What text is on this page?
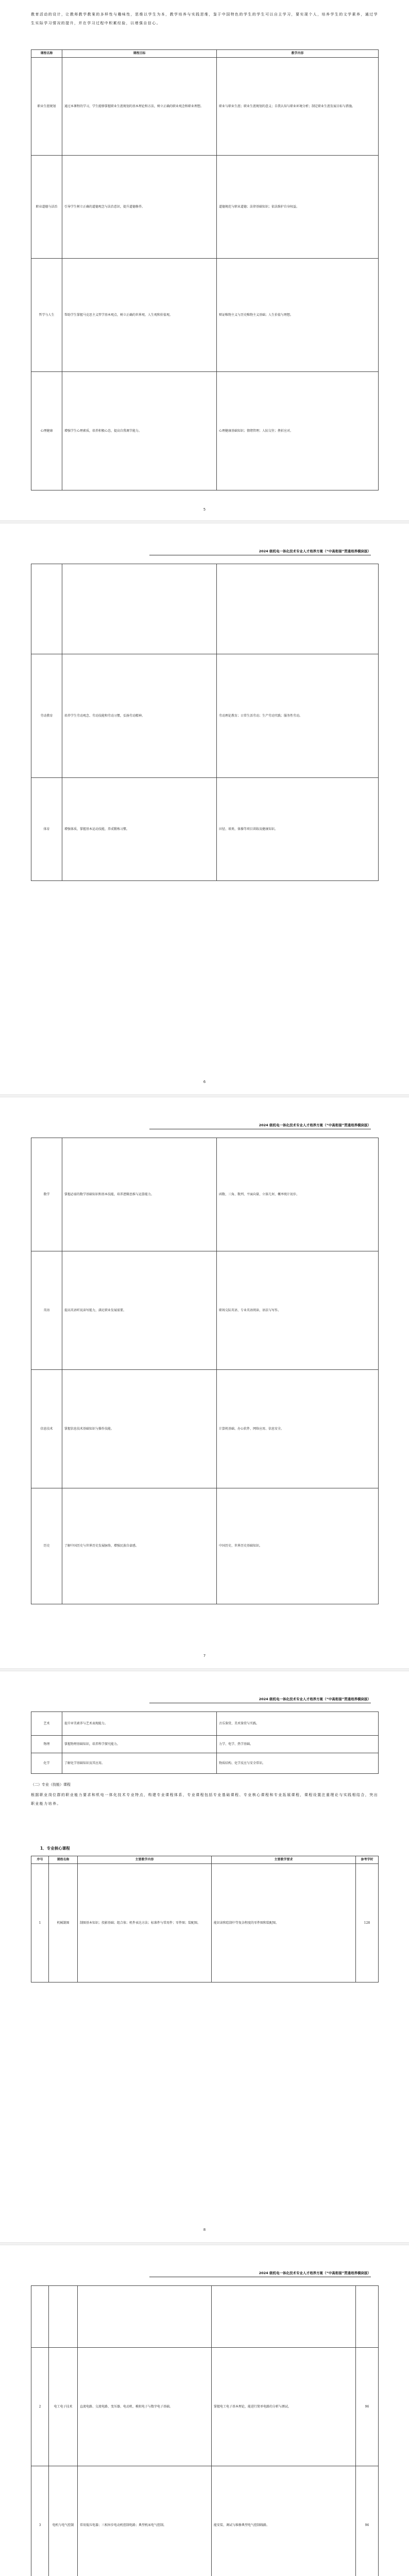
教育活动的设计，让教师教学教案的多样性与趣味性，思维以学生为本，教学培养与实践思维，鉴于中国特色的学生的学生可以自主学习，要实现个人，培养学生的文学素养，通过学生实际学习情况的提升，并在学习过程中积累经验，以增强自信心。
课程名称	课程目标	教学内容
职业生涯规划	通过本课程的学习，学生能够掌握职业生涯规划的基本理论和方法，树立正确的职业观念和职业理想。	职业与职业生涯；职业生涯规划的意义；自我认知与职业环境分析；制定职业生涯发展目标与措施。
职业道德与法治	引导学生树立正确的道德观念与法治意识，提升道德修养。	道德规范与职业道德；法律基础知识；依法维护自身权益。
哲学与人生	帮助学生掌握马克思主义哲学基本观点，树立正确的世界观、人生观和价值观。	辩证唯物主义与历史唯物主义基础；人生价值与理想。
心理健康	增强学生心理素质，培养积极心态，提高自我调节能力。	心理健康基础知识；情绪管理；人际交往；挫折应对。
5
2024 级机电一体化技术专业人才培养方案（“中高衔接”贯通培养模块版）

劳动教育	培养学生劳动观念、劳动技能和劳动习惯，弘扬劳动精神。	劳动理论教育；日常生活劳动；生产劳动实践；服务性劳动。
体育	增强体质，掌握基本运动技能，养成锻炼习惯。	田径、球类、体操等项目训练及健康知识。
6
2024 级机电一体化技术专业人才培养方案（“中高衔接”贯通培养模块版）
数学	掌握必需的数学基础知识和基本技能，培养逻辑思维与运算能力。	函数、三角、数列、平面向量、立体几何、概率统计初步。
英语	提高英语听说读写能力，满足职业发展需要。	职场交际英语、专业英语阅读、语法与写作。
信息技术	掌握信息技术基础知识与操作技能。	计算机基础、办公软件、网络应用、信息安全。
历史	了解中国历史与世界历史发展脉络，增强民族自豪感。	中国历史、世界历史基础知识。
7
2024 级机电一体化技术专业人才培养方案（“中高衔接”贯通培养模块版）
艺术	提升审美素养与艺术表现能力。	音乐鉴赏、美术鉴赏与实践。
物理	掌握物理基础知识，培养科学探究能力。	力学、电学、热学基础。
化学	了解化学基础知识及其应用。	物质结构、化学反应与安全常识。
（二）专业（技能）课程
根据职业岗位群的职业能力要求和机电一体化技术专业特点，构建专业课程体系，专业课程包括专业基础课程、专业核心课程和专业拓展课程，课程设置注重理论与实践相结合，突出职业能力培养。
1．专业核心课程
序号	课程名称	主要教学内容	主要教学要求	参考学时
1	机械制图	制图基本知识；投影基础；组合体；机件表达方法；标准件与常用件；零件图；装配图。	能识读和绘制中等复杂程度的零件图和装配图。	128
8
2024 级机电一体化技术专业人才培养方案（“中高衔接”贯通培养模块版）

2	电工电子技术	直流电路、交流电路、变压器、电动机、模拟电子与数字电子基础。	掌握电工电子基本理论，能进行简单电路的分析与测试。	96
3	电机与电气控制	常用低压电器；三相异步电动机控制电路；典型机床电气控制。	能安装、调试与维修典型电气控制线路。	96
